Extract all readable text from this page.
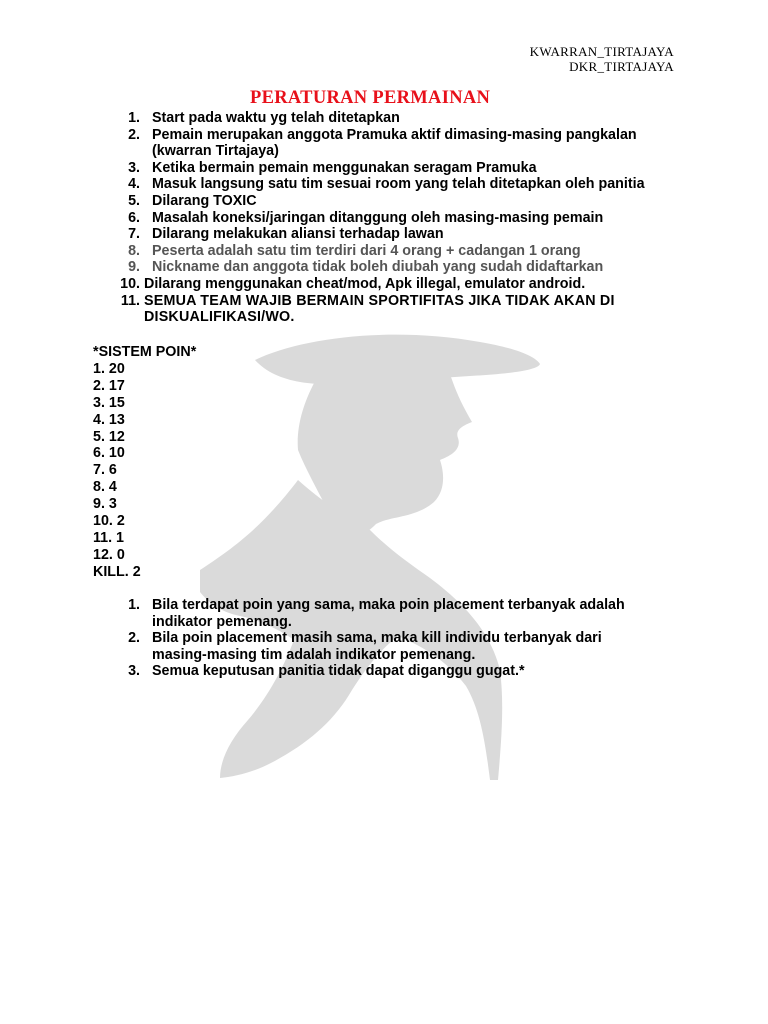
KWARRAN_TIRTAJAYA
DKR_TIRTAJAYA
PERATURAN PERMAINAN
1. Start pada waktu yg telah ditetapkan
2. Pemain merupakan anggota Pramuka aktif dimasing-masing pangkalan
(kwarran Tirtajaya)
3. Ketika bermain pemain menggunakan seragam Pramuka
4. Masuk langsung satu tim sesuai room yang telah ditetapkan oleh panitia
5. Dilarang TOXIC
6. Masalah koneksi/jaringan ditanggung oleh masing-masing pemain
7. Dilarang melakukan aliansi terhadap lawan
8. Peserta adalah satu tim terdiri dari 4 orang + cadangan 1 orang
9. Nickname dan anggota tidak boleh diubah yang sudah didaftarkan
10. Dilarang menggunakan cheat/mod, Apk illegal, emulator android.
11. SEMUA TEAM WAJIB BERMAIN SPORTIFITAS JIKA TIDAK AKAN DI
DISKUALIFIKASI/WO.
*SISTEM POIN*
1. 20
2. 17
3. 15
4. 13
5. 12
6. 10
7. 6
8. 4
9. 3
10. 2
11. 1
12. 0
KILL. 2
1. Bila terdapat poin yang sama, maka poin placement terbanyak adalah
indikator pemenang.
2. Bila poin placement masih sama, maka kill individu terbanyak dari
masing-masing tim adalah indikator pemenang.
3. Semua keputusan panitia tidak dapat diganggu gugat.*
